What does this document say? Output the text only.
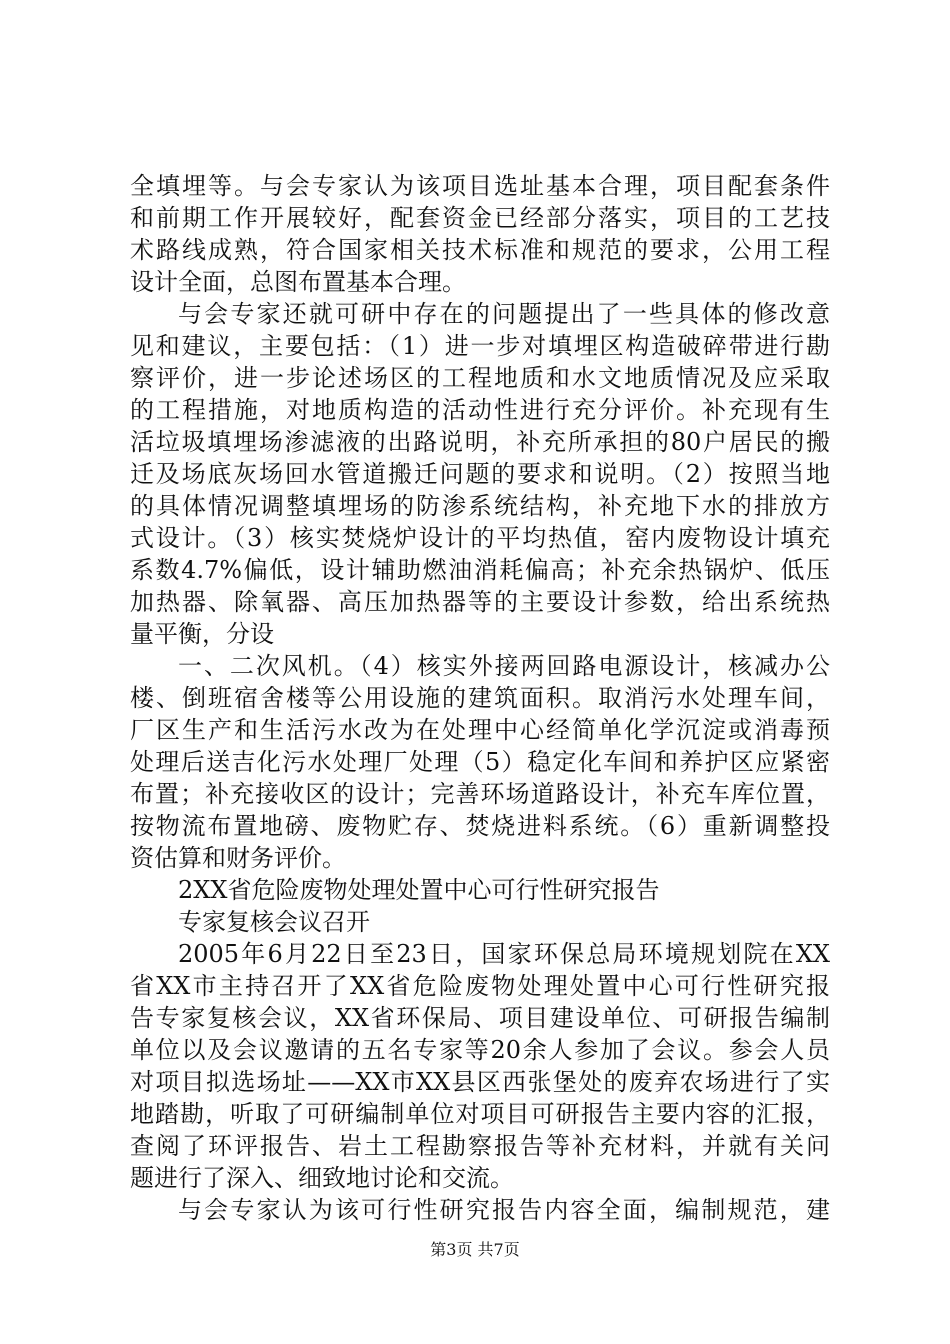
全填埋等。与会专家认为该项目选址基本合理，项目配套条件
和前期工作开展较好，配套资金已经部分落实，项目的工艺技
术路线成熟，符合国家相关技术标准和规范的要求，公用工程
设计全面，总图布置基本合理。
与会专家还就可研中存在的问题提出了一些具体的修改意
见和建议，主要包括：（1）进一步对填埋区构造破碎带进行勘
察评价，进一步论述场区的工程地质和水文地质情况及应采取
的工程措施，对地质构造的活动性进行充分评价。补充现有生
活垃圾填埋场渗滤液的出路说明，补充所承担的80户居民的搬
迁及场底灰场回水管道搬迁问题的要求和说明。（2）按照当地
的具体情况调整填埋场的防渗系统结构，补充地下水的排放方
式设计。（3）核实焚烧炉设计的平均热值，窑内废物设计填充
系数4.7%偏低，设计辅助燃油消耗偏高；补充余热锅炉、低压
加热器、除氧器、高压加热器等的主要设计参数，给出系统热
量平衡，分设
一、二次风机。（4）核实外接两回路电源设计，核减办公
楼、倒班宿舍楼等公用设施的建筑面积。取消污水处理车间，
厂区生产和生活污水改为在处理中心经简单化学沉淀或消毒预
处理后送吉化污水处理厂处理（5）稳定化车间和养护区应紧密
布置；补充接收区的设计；完善环场道路设计，补充车库位置，
按物流布置地磅、废物贮存、焚烧进料系统。（6）重新调整投
资估算和财务评价。
2XX省危险废物处理处置中心可行性研究报告
专家复核会议召开
2005年6月22日至23日，国家环保总局环境规划院在XX
省XX市主持召开了XX省危险废物处理处置中心可行性研究报
告专家复核会议，XX省环保局、项目建设单位、可研报告编制
单位以及会议邀请的五名专家等20余人参加了会议。参会人员
对项目拟选场址——XX市XX县区西张堡处的废弃农场进行了实
地踏勘，听取了可研编制单位对项目可研报告主要内容的汇报，
查阅了环评报告、岩土工程勘察报告等补充材料，并就有关问
题进行了深入、细致地讨论和交流。
与会专家认为该可行性研究报告内容全面，编制规范，建
第3页 共7页
